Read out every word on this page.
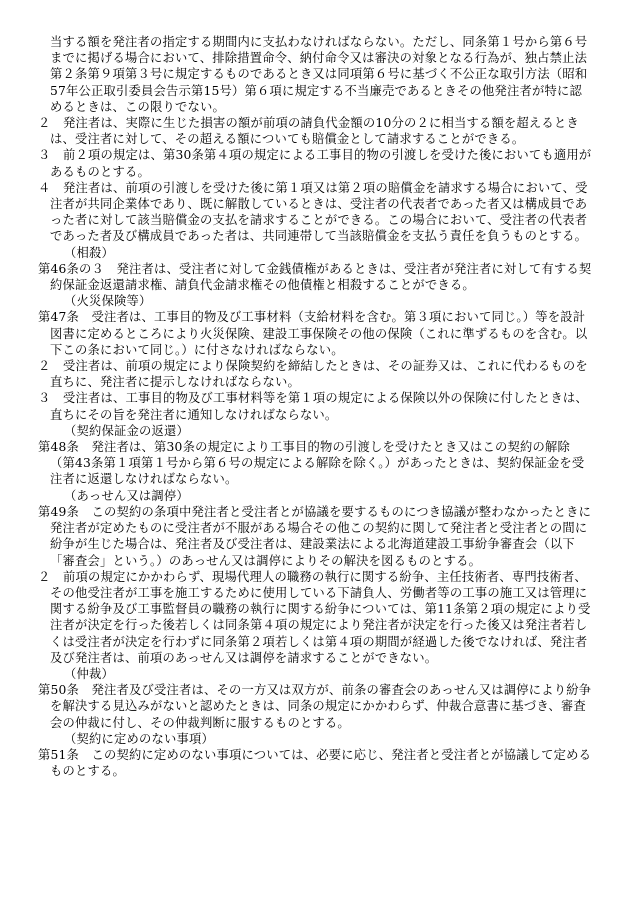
当する額を発注者の指定する期間内に支払わなければならない。ただし、同条第１号から第６号までに掲げる場合において、排除措置命令、納付命令又は審決の対象となる行為が、独占禁止法第２条第９項第３号に規定するものであるとき又は同項第６号に基づく不公正な取引方法（昭和57年公正取引委員会告示第15号）第６項に規定する不当廉売であるときその他発注者が特に認めるときは、この限りでない。

２　発注者は、実際に生じた損害の額が前項の請負代金額の10分の２に相当する額を超えるときは、受注者に対して、その超える額についても賠償金として請求することができる。

３　前２項の規定は、第30条第４項の規定による工事目的物の引渡しを受けた後においても適用があるものとする。

４　発注者は、前項の引渡しを受けた後に第１項又は第２項の賠償金を請求する場合において、受注者が共同企業体であり、既に解散しているときは、受注者の代表者であった者又は構成員であった者に対して該当賠償金の支払を請求することができる。この場合において、受注者の代表者であった者及び構成員であった者は、共同連帯して当該賠償金を支払う責任を負うものとする。

（相殺）

第46条の３　発注者は、受注者に対して金銭債権があるときは、受注者が発注者に対して有する契約保証金返還請求権、請負代金請求権その他債権と相殺することができる。

（火災保険等）

第47条　受注者は、工事目的物及び工事材料（支給材料を含む。第３項において同じ。）等を設計図書に定めるところにより火災保険、建設工事保険その他の保険（これに準ずるものを含む。以下この条において同じ。）に付さなければならない。

２　受注者は、前項の規定により保険契約を締結したときは、その証券又は、これに代わるものを直ちに、発注者に提示しなければならない。

３　受注者は、工事目的物及び工事材料等を第１項の規定による保険以外の保険に付したときは、直ちにその旨を発注者に通知しなければならない。

（契約保証金の返還）

第48条　発注者は、第30条の規定により工事目的物の引渡しを受けたとき又はこの契約の解除（第43条第１項第１号から第６号の規定による解除を除く。）があったときは、契約保証金を受注者に返還しなければならない。

（あっせん又は調停）

第49条　この契約の条項中発注者と受注者とが協議を要するものにつき協議が整わなかったときに発注者が定めたものに受注者が不服がある場合その他この契約に関して発注者と受注者との間に紛争が生じた場合は、発注者及び受注者は、建設業法による北海道建設工事紛争審査会（以下「審査会」という。）のあっせん又は調停によりその解決を図るものとする。

２　前項の規定にかかわらず、現場代理人の職務の執行に関する紛争、主任技術者、専門技術者、その他受注者が工事を施工するために使用している下請負人、労働者等の工事の施工又は管理に関する紛争及び工事監督員の職務の執行に関する紛争については、第11条第２項の規定により受注者が決定を行った後若しくは同条第４項の規定により発注者が決定を行った後又は発注者若しくは受注者が決定を行わずに同条第２項若しくは第４項の期間が経過した後でなければ、発注者及び発注者は、前項のあっせん又は調停を請求することができない。

（仲裁）

第50条　発注者及び受注者は、その一方又は双方が、前条の審査会のあっせん又は調停により紛争を解決する見込みがないと認めたときは、同条の規定にかかわらず、仲裁合意書に基づき、審査会の仲裁に付し、その仲裁判断に服するものとする。

（契約に定めのない事項）

第51条　この契約に定めのない事項については、必要に応じ、発注者と受注者とが協議して定めるものとする。
